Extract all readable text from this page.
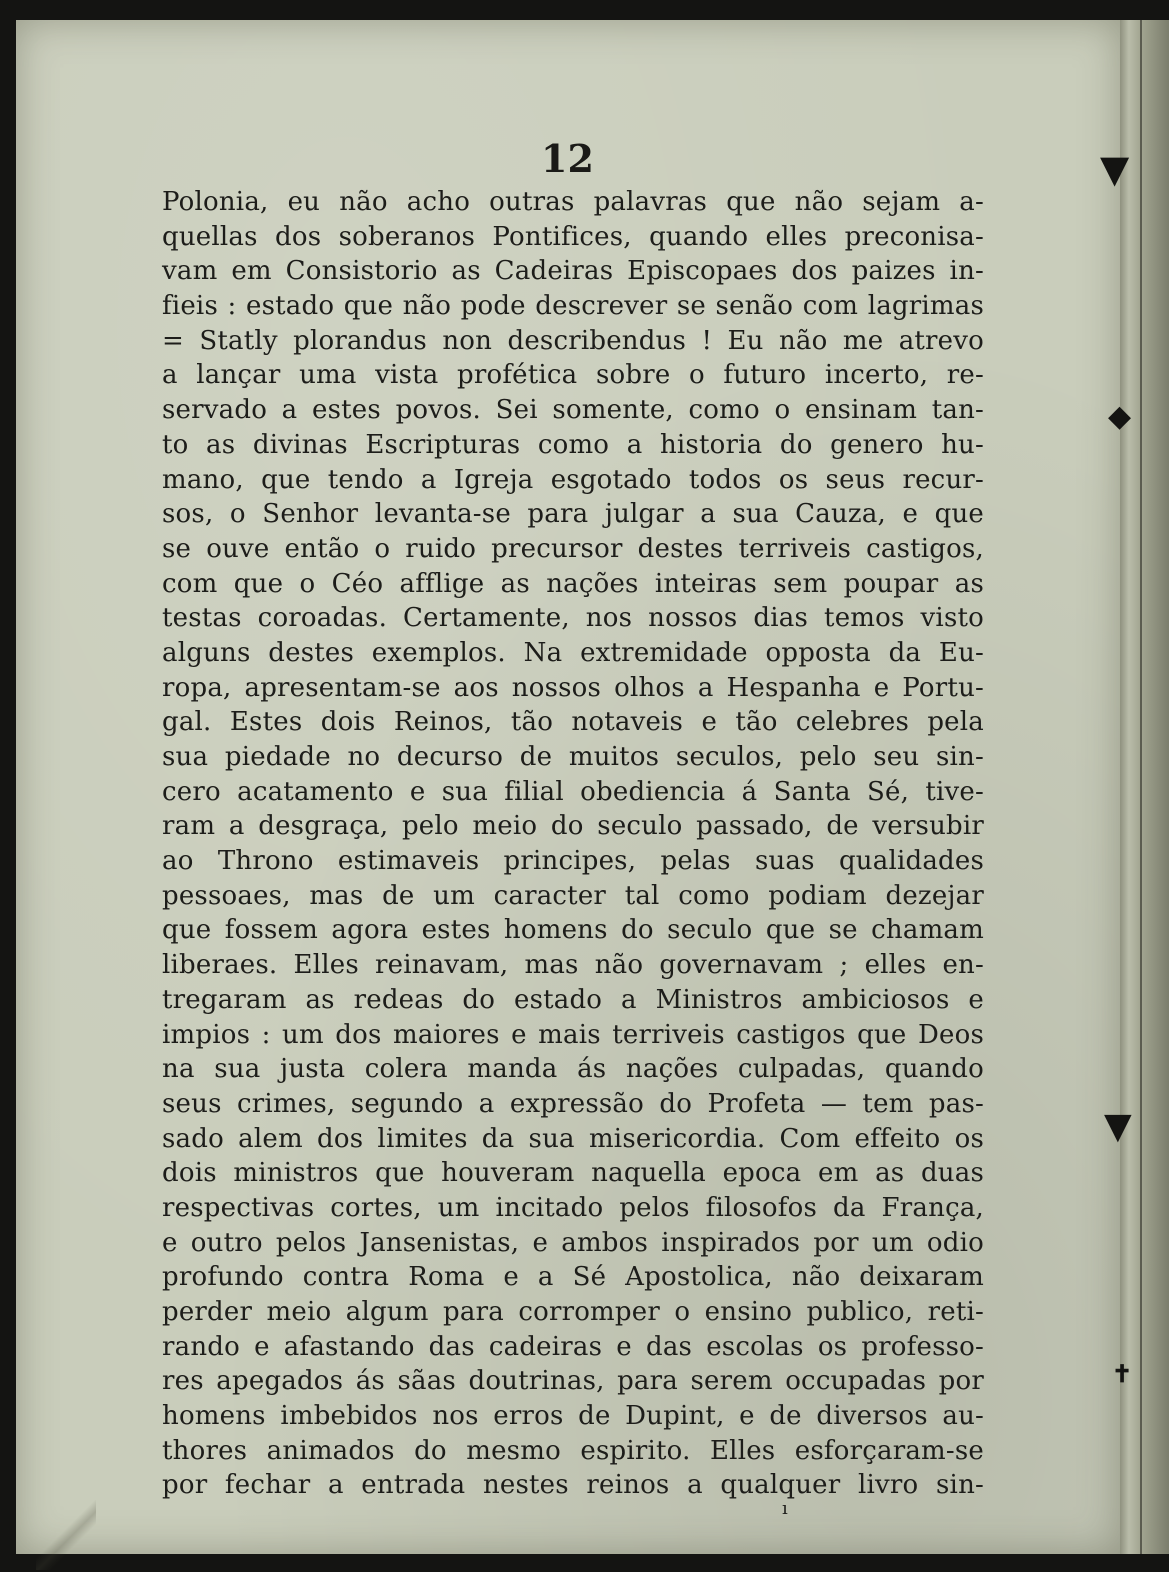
12
Polonia, eu não acho outras palavras que não sejam a-
quellas dos soberanos Pontifices, quando elles preconisa-
vam em Consistorio as Cadeiras Episcopaes dos paizes in-
fieis : estado que não pode descrever se senão com lagrimas
= Statly plorandus non describendus ! Eu não me atrevo
a lançar uma vista profética sobre o futuro incerto, re-
servado a estes povos. Sei somente, como o ensinam tan-
to as divinas Escripturas como a historia do genero hu-
mano, que tendo a Igreja esgotado todos os seus recur-
sos, o Senhor levanta-se para julgar a sua Cauza, e que
se ouve então o ruido precursor destes terriveis castigos,
com que o Céo afflige as nações inteiras sem poupar as
testas coroadas. Certamente, nos nossos dias temos visto
alguns destes exemplos. Na extremidade opposta da Eu-
ropa, apresentam-se aos nossos olhos a Hespanha e Portu-
gal. Estes dois Reinos, tão notaveis e tão celebres pela
sua piedade no decurso de muitos seculos, pelo seu sin-
cero acatamento e sua filial obediencia á Santa Sé, tive-
ram a desgraça, pelo meio do seculo passado, de versubir
ao Throno estimaveis principes, pelas suas qualidades
pessoaes, mas de um caracter tal como podiam dezejar
que fossem agora estes homens do seculo que se chamam
liberaes. Elles reinavam, mas não governavam ; elles en-
tregaram as redeas do estado a Ministros ambiciosos e
impios : um dos maiores e mais terriveis castigos que Deos
na sua justa colera manda ás nações culpadas, quando
seus crimes, segundo a expressão do Profeta — tem pas-
sado alem dos limites da sua misericordia. Com effeito os
dois ministros que houveram naquella epoca em as duas
respectivas cortes, um incitado pelos filosofos da França,
e outro pelos Jansenistas, e ambos inspirados por um odio
profundo contra Roma e a Sé Apostolica, não deixaram
perder meio algum para corromper o ensino publico, reti-
rando e afastando das cadeiras e das escolas os professo-
res apegados ás sãas doutrinas, para serem occupadas por
homens imbebidos nos erros de Dupint, e de diversos au-
thores animados do mesmo espirito. Elles esforçaram-se
por fechar a entrada nestes reinos a qualquer livro sin-
ı
▼
◆
▼
✝
